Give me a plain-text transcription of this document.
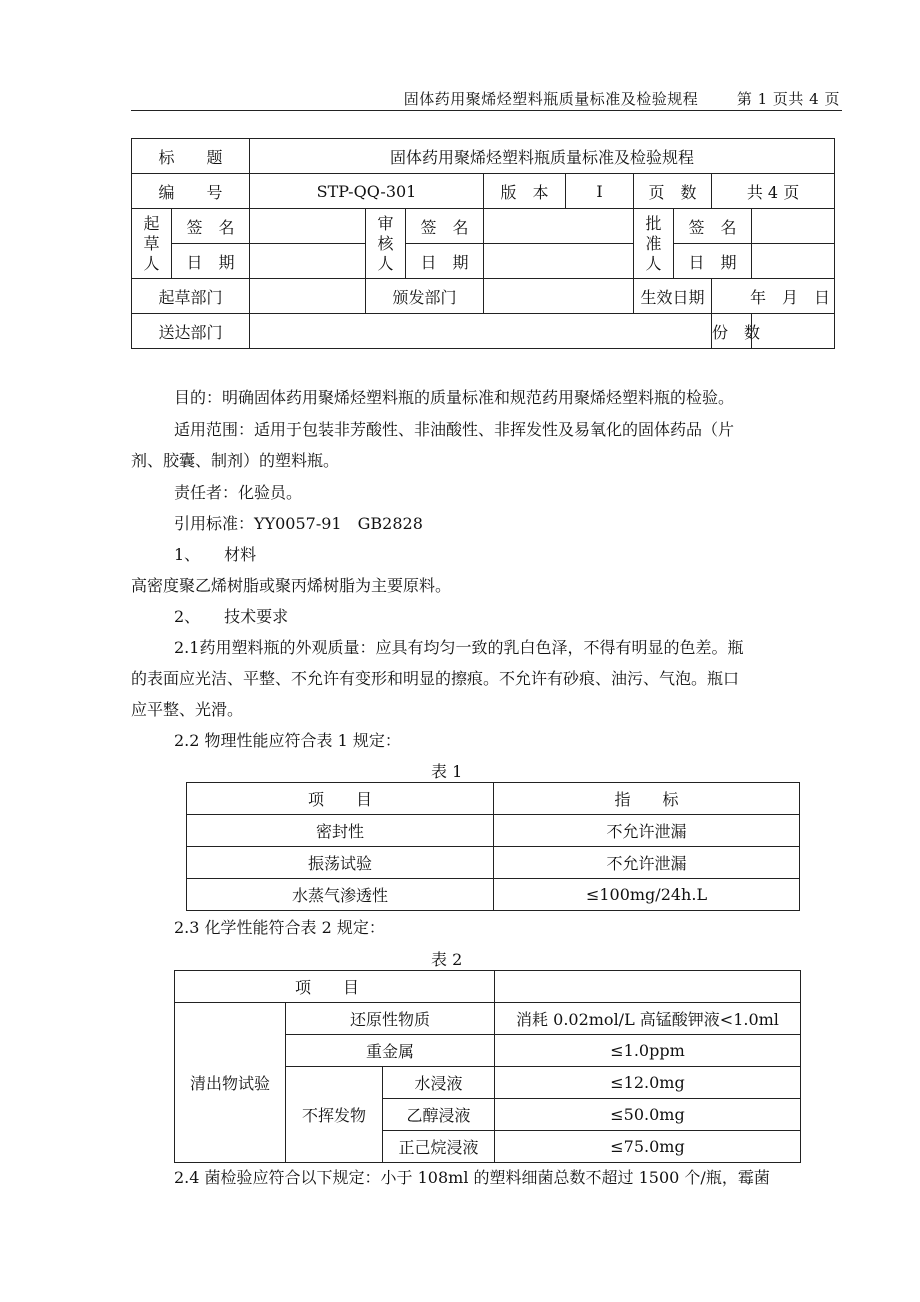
固体药用聚烯烃塑料瓶质量标准及检验规程	第 1 页共 4 页
标　　题		固体药用聚烯烃塑料瓶质量标准及检验规程								
编　　号		STP-QQ-301			版　本	I	页　数		共 4 页	
起草人	签　名		审核人	签　名			批准人	签　名		
	日　期			日　期				日　期		
起草部门			颁发部门				生效日期		年　月　日	
送达部门									份　数	
目的：明确固体药用聚烯烃塑料瓶的质量标准和规范药用聚烯烃塑料瓶的检验。
适用范围：适用于包装非芳酸性、非油酸性、非挥发性及易氧化的固体药品（片
剂、胶囊、制剂）的塑料瓶。
责任者：化验员。
引用标准：YY0057-91　GB2828
1、　　材料
高密度聚乙烯树脂或聚丙烯树脂为主要原料。
2、　　技术要求
2.1药用塑料瓶的外观质量：应具有均匀一致的乳白色泽，不得有明显的色差。瓶
的表面应光洁、平整、不允许有变形和明显的擦痕。不允许有砂痕、油污、气泡。瓶口
应平整、光滑。
2.2 物理性能应符合表 1 规定：
表 1
项　　目	指　　标
密封性	不允许泄漏
振荡试验	不允许泄漏
水蒸气渗透性	≤100mg/24h.L
2.3 化学性能符合表 2 规定：
表 2
项　　目			
清出物试验	还原性物质		消耗 0.02mol/L 高锰酸钾液<1.0ml
	重金属		≤1.0ppm
	不挥发物	水浸液	≤12.0mg
		乙醇浸液	≤50.0mg
		正己烷浸液	≤75.0mg
2.4 菌检验应符合以下规定：小于 108ml 的塑料细菌总数不超过 1500 个/瓶，霉菌
